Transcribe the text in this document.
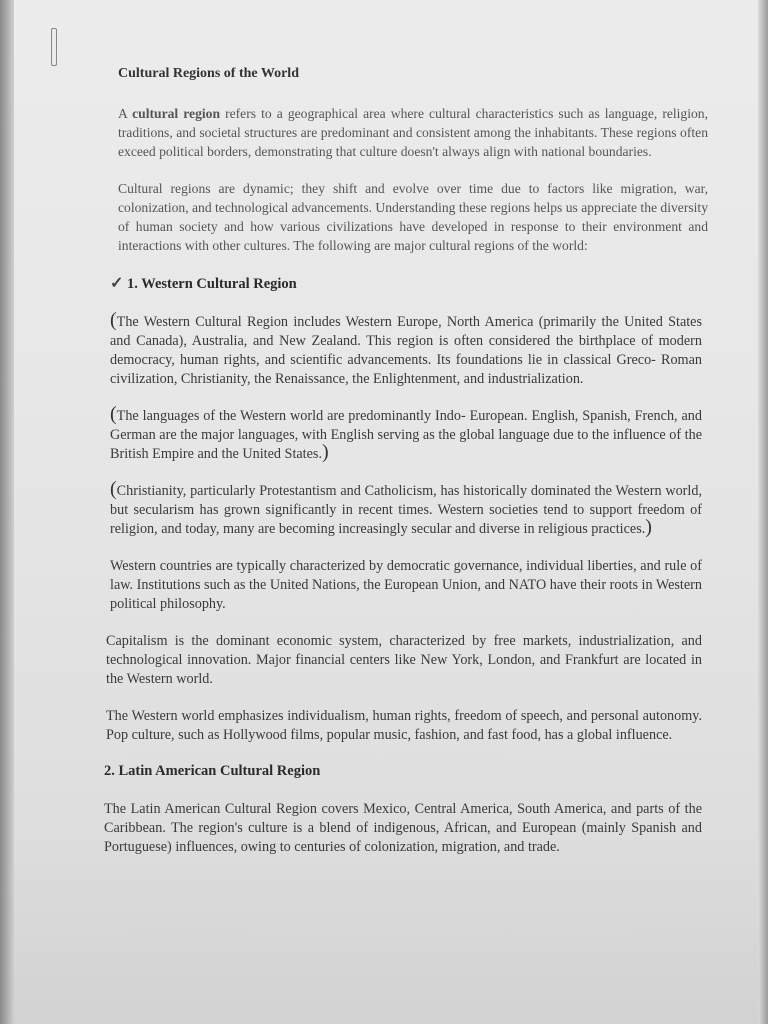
Cultural Regions of the World

A cultural region refers to a geographical area where cultural characteristics such as language, religion, traditions, and societal structures are predominant and consistent among the inhabitants. These regions often exceed political borders, demonstrating that culture doesn't always align with national boundaries.

Cultural regions are dynamic; they shift and evolve over time due to factors like migration, war, colonization, and technological advancements. Understanding these regions helps us appreciate the diversity of human society and how various civilizations have developed in response to their environment and interactions with other cultures. The following are major cultural regions of the world:

✓ 1. Western Cultural Region

(The Western Cultural Region includes Western Europe, North America (primarily the United States and Canada), Australia, and New Zealand. This region is often considered the birthplace of modern democracy, human rights, and scientific advancements. Its foundations lie in classical Greco- Roman civilization, Christianity, the Renaissance, the Enlightenment, and industrialization.

(The languages of the Western world are predominantly Indo- European. English, Spanish, French, and German are the major languages, with English serving as the global language due to the influence of the British Empire and the United States.)

(Christianity, particularly Protestantism and Catholicism, has historically dominated the Western world, but secularism has grown significantly in recent times. Western societies tend to support freedom of religion, and today, many are becoming increasingly secular and diverse in religious practices.)

Western countries are typically characterized by democratic governance, individual liberties, and rule of law. Institutions such as the United Nations, the European Union, and NATO have their roots in Western political philosophy.

Capitalism is the dominant economic system, characterized by free markets, industrialization, and technological innovation. Major financial centers like New York, London, and Frankfurt are located in the Western world.

The Western world emphasizes individualism, human rights, freedom of speech, and personal autonomy. Pop culture, such as Hollywood films, popular music, fashion, and fast food, has a global influence.

2. Latin American Cultural Region

The Latin American Cultural Region covers Mexico, Central America, South America, and parts of the Caribbean. The region's culture is a blend of indigenous, African, and European (mainly Spanish and Portuguese) influences, owing to centuries of colonization, migration, and trade.
